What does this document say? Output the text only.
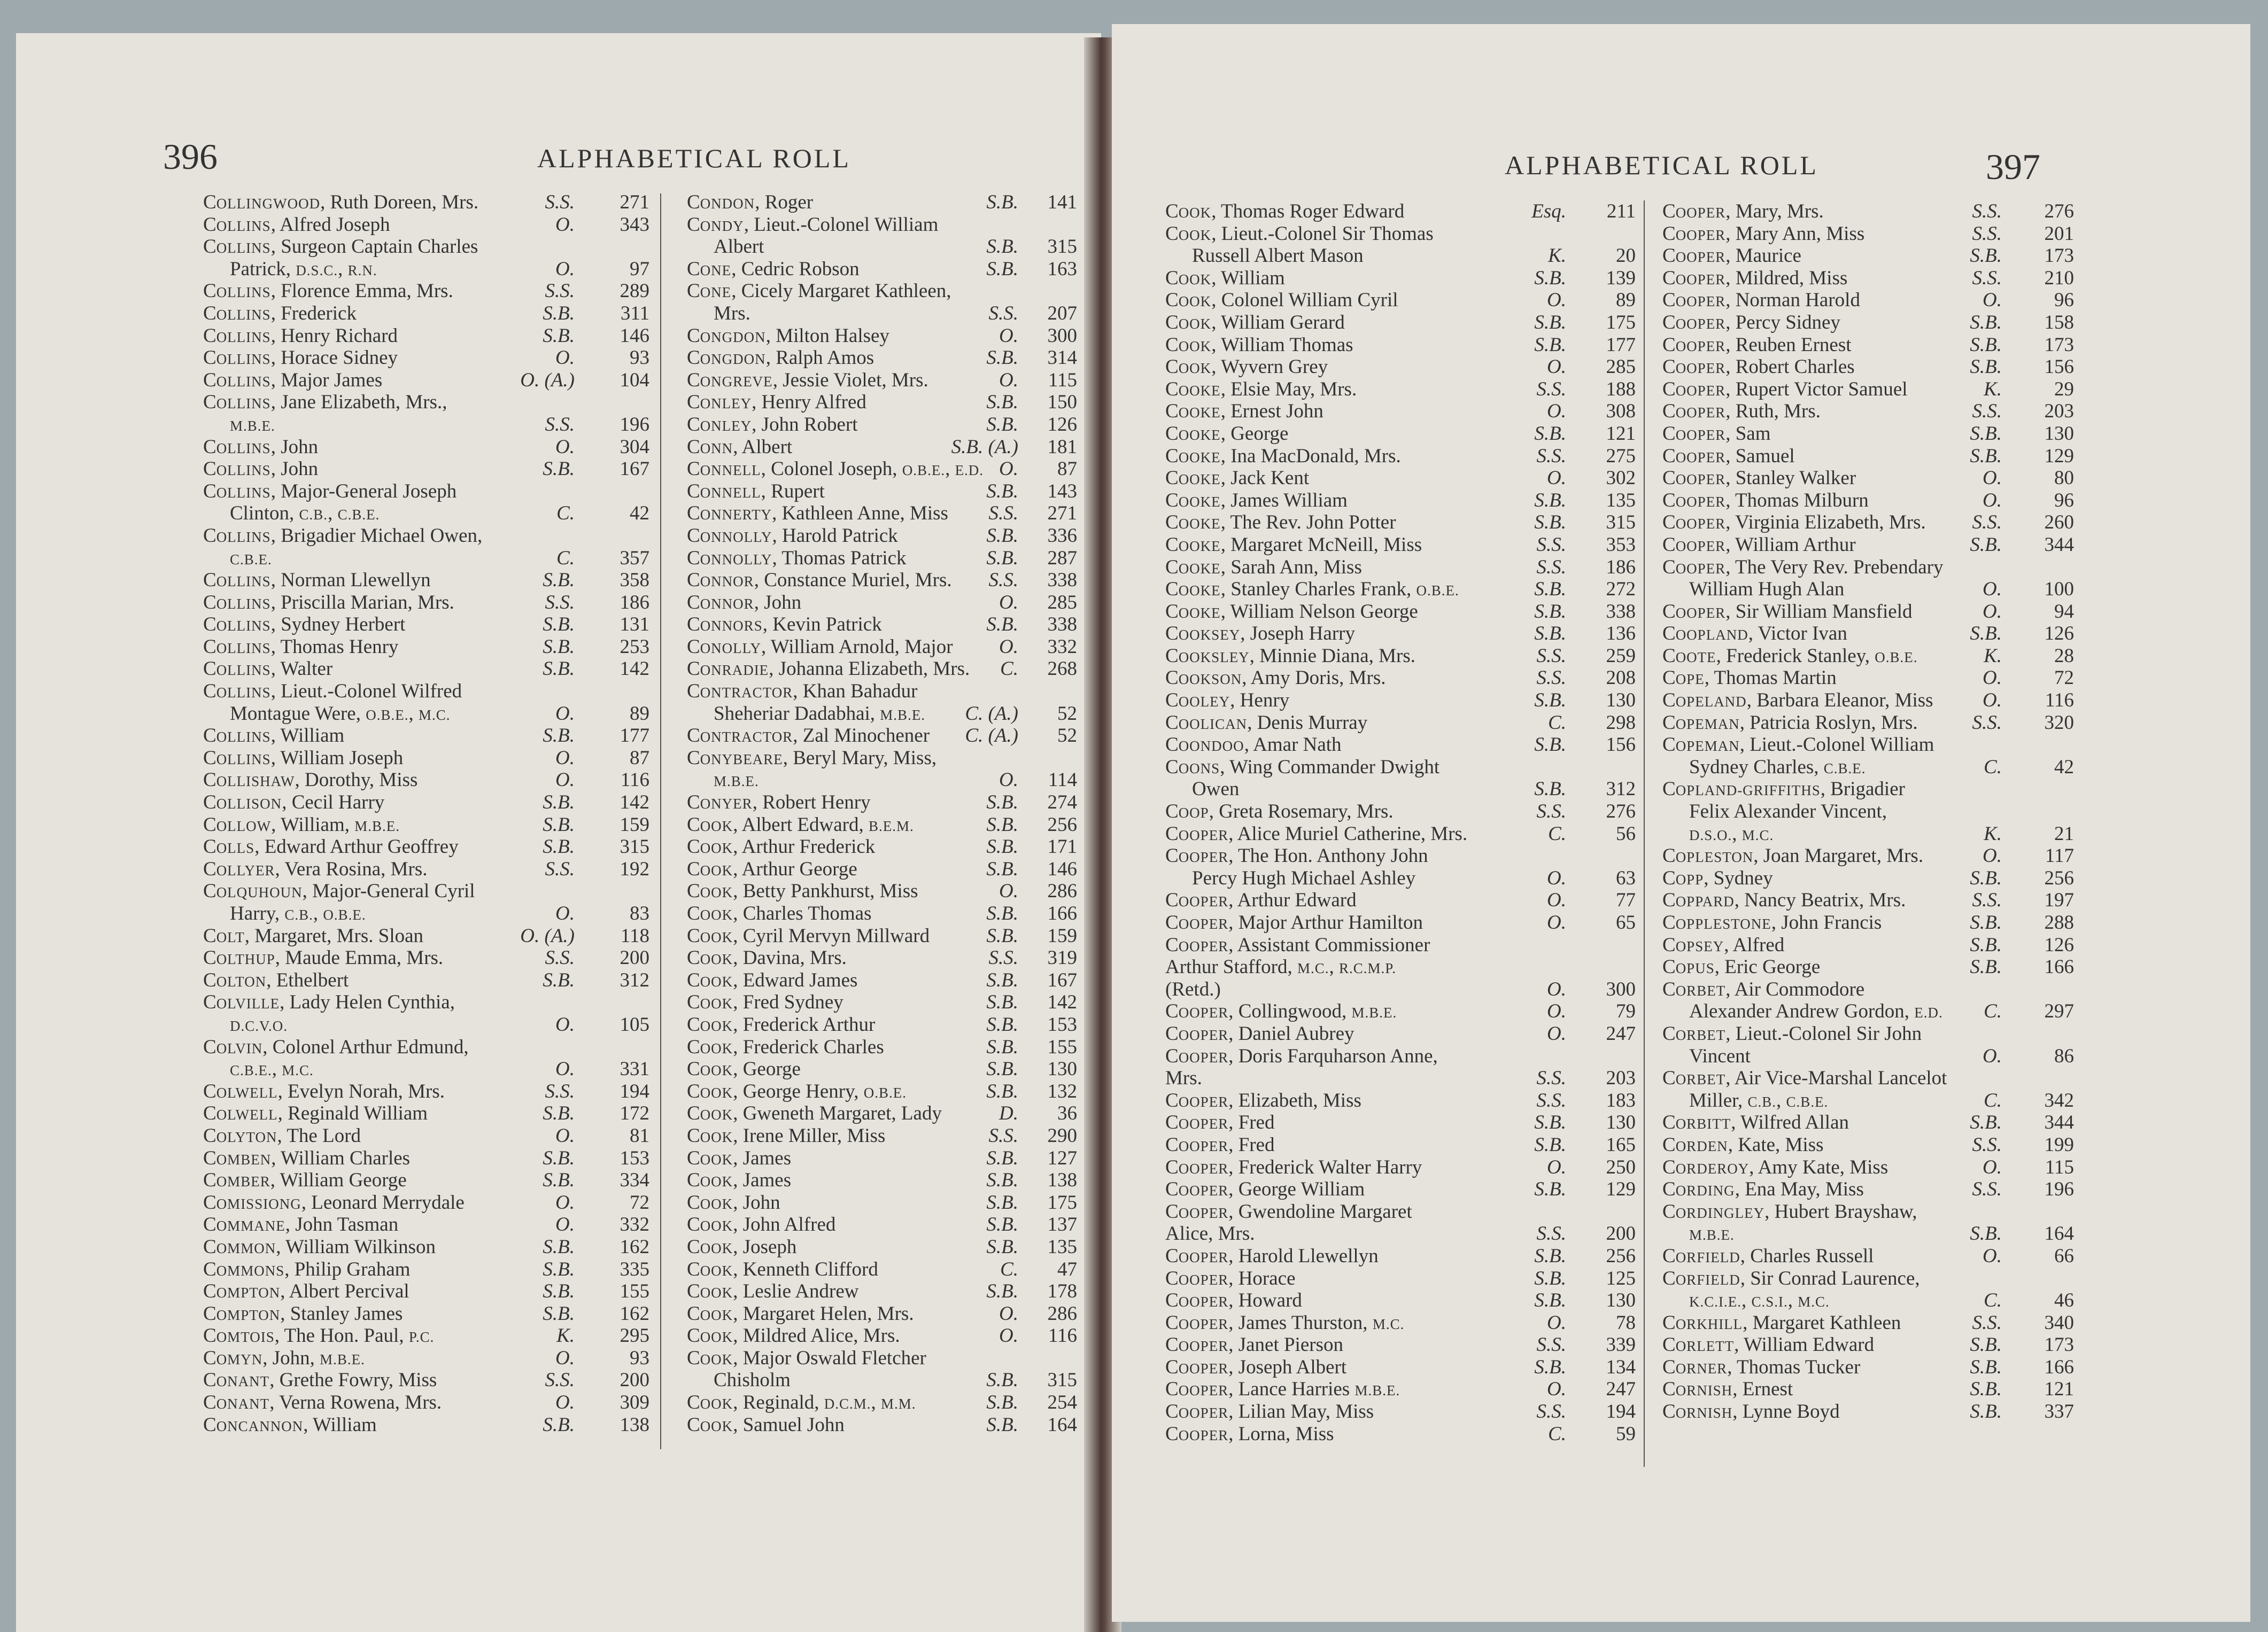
396	ALPHABETICAL ROLL
COLLINGWOOD, Ruth Doreen, Mrs.	S.S.	271
COLLINS, Alfred Joseph	O.	343
COLLINS, Surgeon Captain Charles
Patrick, D.S.C., R.N.	O.	97
COLLINS, Florence Emma, Mrs.	S.S.	289
COLLINS, Frederick	S.B.	311
COLLINS, Henry Richard	S.B.	146
COLLINS, Horace Sidney	O.	93
COLLINS, Major James	O. (A.)	104
COLLINS, Jane Elizabeth, Mrs.,
M.B.E.	S.S.	196
COLLINS, John	O.	304
COLLINS, John	S.B.	167
COLLINS, Major-General Joseph
Clinton, C.B., C.B.E.	C.	42
COLLINS, Brigadier Michael Owen,
C.B.E.	C.	357
COLLINS, Norman Llewellyn	S.B.	358
COLLINS, Priscilla Marian, Mrs.	S.S.	186
COLLINS, Sydney Herbert	S.B.	131
COLLINS, Thomas Henry	S.B.	253
COLLINS, Walter	S.B.	142
COLLINS, Lieut.-Colonel Wilfred
Montague Were, O.B.E., M.C.	O.	89
COLLINS, William	S.B.	177
COLLINS, William Joseph	O.	87
COLLISHAW, Dorothy, Miss	O.	116
COLLISON, Cecil Harry	S.B.	142
COLLOW, William, M.B.E.	S.B.	159
COLLS, Edward Arthur Geoffrey	S.B.	315
COLLYER, Vera Rosina, Mrs.	S.S.	192
COLQUHOUN, Major-General Cyril
Harry, C.B., O.B.E.	O.	83
COLT, Margaret, Mrs. Sloan	O. (A.)	118
COLTHUP, Maude Emma, Mrs.	S.S.	200
COLTON, Ethelbert	S.B.	312
COLVILLE, Lady Helen Cynthia,
D.C.V.O.	O.	105
COLVIN, Colonel Arthur Edmund,
C.B.E., M.C.	O.	331
COLWELL, Evelyn Norah, Mrs.	S.S.	194
COLWELL, Reginald William	S.B.	172
COLYTON, The Lord	O.	81
COMBEN, William Charles	S.B.	153
COMBER, William George	S.B.	334
COMISSIONG, Leonard Merrydale	O.	72
COMMANE, John Tasman	O.	332
COMMON, William Wilkinson	S.B.	162
COMMONS, Philip Graham	S.B.	335
COMPTON, Albert Percival	S.B.	155
COMPTON, Stanley James	S.B.	162
COMTOIS, The Hon. Paul, P.C.	K.	295
COMYN, John, M.B.E.	O.	93
CONANT, Grethe Fowry, Miss	S.S.	200
CONANT, Verna Rowena, Mrs.	O.	309
CONCANNON, William	S.B.	138
CONDON, Roger	S.B.	141
CONDY, Lieut.-Colonel William
Albert	S.B.	315
CONE, Cedric Robson	S.B.	163
CONE, Cicely Margaret Kathleen,
Mrs.	S.S.	207
CONGDON, Milton Halsey	O.	300
CONGDON, Ralph Amos	S.B.	314
CONGREVE, Jessie Violet, Mrs.	O.	115
CONLEY, Henry Alfred	S.B.	150
CONLEY, John Robert	S.B.	126
CONN, Albert	S.B. (A.)	181
CONNELL, Colonel Joseph, O.B.E., E.D. O.	87
CONNELL, Rupert	S.B.	143
CONNERTY, Kathleen Anne, Miss S.S.	271
CONNOLLY, Harold Patrick	S.B.	336
CONNOLLY, Thomas Patrick	S.B.	287
CONNOR, Constance Muriel, Mrs. S.S.	338
CONNOR, John	O.	285
CONNORS, Kevin Patrick	S.B.	338
CONOLLY, William Arnold, Major O.	332
CONRADIE, Johanna Elizabeth, Mrs. C.	268
CONTRACTOR, Khan Bahadur
Sheheriar Dadabhai, M.B.E. C. (A.)	52
CONTRACTOR, Zal Minochener C. (A.)	52
CONYBEARE, Beryl Mary, Miss,
M.B.E.	O.	114
CONYER, Robert Henry	S.B.	274
COOK, Albert Edward, B.E.M.	S.B.	256
COOK, Arthur Frederick	S.B.	171
COOK, Arthur George	S.B.	146
COOK, Betty Pankhurst, Miss	O.	286
COOK, Charles Thomas	S.B.	166
COOK, Cyril Mervyn Millward	S.B.	159
COOK, Davina, Mrs.	S.S.	319
COOK, Edward James	S.B.	167
COOK, Fred Sydney	S.B.	142
COOK, Frederick Arthur	S.B.	153
COOK, Frederick Charles	S.B.	155
COOK, George	S.B.	130
COOK, George Henry, O.B.E.	S.B.	132
COOK, Gweneth Margaret, Lady	D.	36
COOK, Irene Miller, Miss	S.S.	290
COOK, James	S.B.	127
COOK, James	S.B.	138
COOK, John	S.B.	175
COOK, John Alfred	S.B.	137
COOK, Joseph	S.B.	135
COOK, Kenneth Clifford	C.	47
COOK, Leslie Andrew	S.B.	178
COOK, Margaret Helen, Mrs.	O.	286
COOK, Mildred Alice, Mrs.	O.	116
COOK, Major Oswald Fletcher
Chisholm	S.B.	315
COOK, Reginald, D.C.M., M.M.	S.B.	254
COOK, Samuel John	S.B.	164
ALPHABETICAL ROLL	397
COOK, Thomas Roger Edward	Esq.	211
COOK, Lieut.-Colonel Sir Thomas
Russell Albert Mason	K.	20
COOK, William	S.B.	139
COOK, Colonel William Cyril	O.	89
COOK, William Gerard	S.B.	175
COOK, William Thomas	S.B.	177
COOK, Wyvern Grey	O.	285
COOKE, Elsie May, Mrs.	S.S.	188
COOKE, Ernest John	O.	308
COOKE, George	S.B.	121
COOKE, Ina MacDonald, Mrs.	S.S.	275
COOKE, Jack Kent	O.	302
COOKE, James William	S.B.	135
COOKE, The Rev. John Potter	S.B.	315
COOKE, Margaret McNeill, Miss	S.S.	353
COOKE, Sarah Ann, Miss	S.S.	186
COOKE, Stanley Charles Frank, O.B.E.	S.B.	272
COOKE, William Nelson George	S.B.	338
COOKSEY, Joseph Harry	S.B.	136
COOKSLEY, Minnie Diana, Mrs.	S.S.	259
COOKSON, Amy Doris, Mrs.	S.S.	208
COOLEY, Henry	S.B.	130
COOLICAN, Denis Murray	C.	298
COONDOO, Amar Nath	S.B.	156
COONS, Wing Commander Dwight
Owen	S.B.	312
COOP, Greta Rosemary, Mrs.	S.S.	276
COOPER, Alice Muriel Catherine, Mrs.	C.	56
COOPER, The Hon. Anthony John
Percy Hugh Michael Ashley	O.	63
COOPER, Arthur Edward	O.	77
COOPER, Major Arthur Hamilton	O.	65
COOPER, Assistant Commissioner
Arthur Stafford, M.C., R.C.M.P.
(Retd.)	O.	300
COOPER, Collingwood, M.B.E.	O.	79
COOPER, Daniel Aubrey	O.	247
COOPER, Doris Farquharson Anne,
Mrs.	S.S.	203
COOPER, Elizabeth, Miss	S.S.	183
COOPER, Fred	S.B.	130
COOPER, Fred	S.B.	165
COOPER, Frederick Walter Harry	O.	250
COOPER, George William	S.B.	129
COOPER, Gwendoline Margaret
Alice, Mrs.	S.S.	200
COOPER, Harold Llewellyn	S.B.	256
COOPER, Horace	S.B.	125
COOPER, Howard	S.B.	130
COOPER, James Thurston, M.C.	O.	78
COOPER, Janet Pierson	S.S.	339
COOPER, Joseph Albert	S.B.	134
COOPER, Lance Harries M.B.E.	O.	247
COOPER, Lilian May, Miss	S.S.	194
COOPER, Lorna, Miss	C.	59
COOPER, Mary, Mrs.	S.S.	276
COOPER, Mary Ann, Miss	S.S.	201
COOPER, Maurice	S.B.	173
COOPER, Mildred, Miss	S.S.	210
COOPER, Norman Harold	O.	96
COOPER, Percy Sidney	S.B.	158
COOPER, Reuben Ernest	S.B.	173
COOPER, Robert Charles	S.B.	156
COOPER, Rupert Victor Samuel	K.	29
COOPER, Ruth, Mrs.	S.S.	203
COOPER, Sam	S.B.	130
COOPER, Samuel	S.B.	129
COOPER, Stanley Walker	O.	80
COOPER, Thomas Milburn	O.	96
COOPER, Virginia Elizabeth, Mrs. S.S.	260
COOPER, William Arthur	S.B.	344
COOPER, The Very Rev. Prebendary
William Hugh Alan	O.	100
COOPER, Sir William Mansfield	O.	94
COOPLAND, Victor Ivan	S.B.	126
COOTE, Frederick Stanley, O.B.E.	K.	28
COPE, Thomas Martin	O.	72
COPELAND, Barbara Eleanor, Miss O.	116
COPEMAN, Patricia Roslyn, Mrs.	S.S.	320
COPEMAN, Lieut.-Colonel William
Sydney Charles, C.B.E.	C.	42
COPLAND-GRIFFITHS, Brigadier
Felix Alexander Vincent,
D.S.O., M.C.	K.	21
COPLESTON, Joan Margaret, Mrs.	O.	117
COPP, Sydney	S.B.	256
COPPARD, Nancy Beatrix, Mrs.	S.S.	197
COPPLESTONE, John Francis	S.B.	288
COPSEY, Alfred	S.B.	126
COPUS, Eric George	S.B.	166
CORBET, Air Commodore
Alexander Andrew Gordon, E.D. C.	297
CORBET, Lieut.-Colonel Sir John
Vincent	O.	86
CORBET, Air Vice-Marshal Lancelot
Miller, C.B., C.B.E.	C.	342
CORBITT, Wilfred Allan	S.B.	344
CORDEN, Kate, Miss	S.S.	199
CORDEROY, Amy Kate, Miss	O.	115
CORDING, Ena May, Miss	S.S.	196
CORDINGLEY, Hubert Brayshaw,
M.B.E.	S.B.	164
CORFIELD, Charles Russell	O.	66
CORFIELD, Sir Conrad Laurence,
K.C.I.E., C.S.I., M.C.	C.	46
CORKHILL, Margaret Kathleen	S.S.	340
CORLETT, William Edward	S.B.	173
CORNER, Thomas Tucker	S.B.	166
CORNISH, Ernest	S.B.	121
CORNISH, Lynne Boyd	S.B.	337
